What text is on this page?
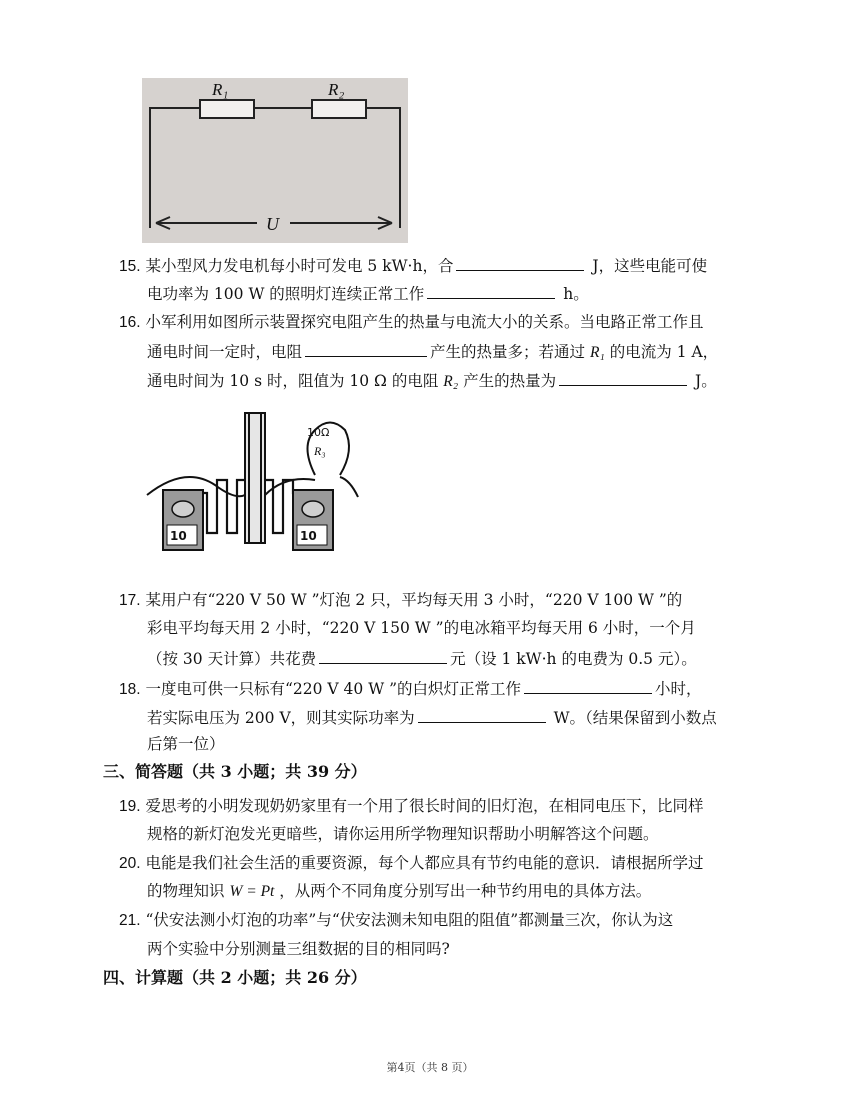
R₁	R₂
U
15. 某小型风力发电机每小时可发电 5 kW·h，合	J，这些电能可使
电功率为 100 W 的照明灯连续正常工作	h。
16. 小军利用如图所示装置探究电阻产生的热量与电流大小的关系。当电路正常工作且
通电时间一定时，电阻	产生的热量多；若通过 R₁ 的电流为 1 A，
通电时间为 10 s 时，阻值为 10 Ω 的电阻 R₂ 产生的热量为	J。
10Ω
R₃
10	10
17. 某用户有“220 V 50 W ”灯泡 2 只，平均每天用 3 小时，“220 V 100 W ”的
彩电平均每天用 2 小时，“220 V 150 W ”的电冰箱平均每天用 6 小时，一个月
（按 30 天计算）共花费	元（设 1 kW·h 的电费为 0.5 元）。
18. 一度电可供一只标有“220 V 40 W ”的白炽灯正常工作	小时，
若实际电压为 200 V，则其实际功率为	W。（结果保留到小数点
后第一位）
三、简答题（共 3 小题；共 39 分）
19. 爱思考的小明发现奶奶家里有一个用了很长时间的旧灯泡，在相同电压下，比同样
规格的新灯泡发光更暗些，请你运用所学物理知识帮助小明解答这个问题。
20. 电能是我们社会生活的重要资源，每个人都应具有节约电能的意识．请根据所学过
的物理知识 W = Pt ，从两个不同角度分别写出一种节约用电的具体方法。
21. “伏安法测小灯泡的功率”与“伏安法测未知电阻的阻值”都测量三次，你认为这
两个实验中分别测量三组数据的目的相同吗?
四、计算题（共 2 小题；共 26 分）
第4页（共 8 页）
